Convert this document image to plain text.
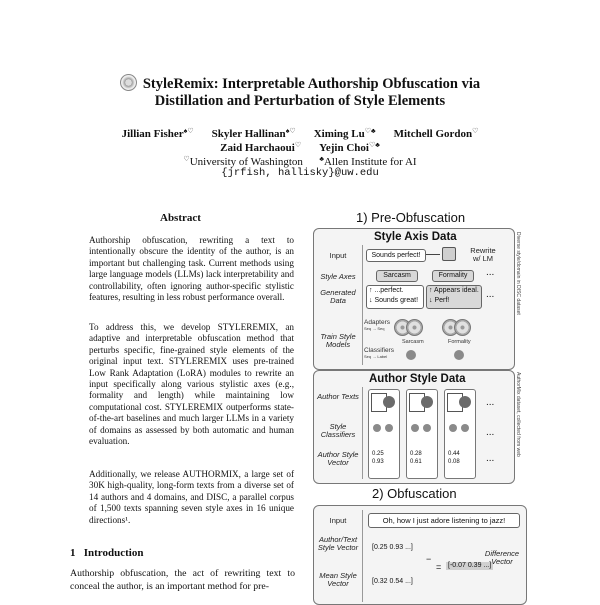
StyleRemix: Interpretable Authorship Obfuscation via
Distillation and Perturbation of Style Elements
Jillian Fisher♠♡ Skyler Hallinan♠♡ Ximing Lu♡♣ Mitchell Gordon♡
Zaid Harchaoui♡ Yejin Choi♡♣
♡University of Washington ♣Allen Institute for AI
{jrfish, hallisky}@uw.edu
Abstract
Authorship obfuscation, rewriting a text to intentionally obscure the identity of the author, is an important but challenging task. Current methods using large language models (LLMs) lack interpretability and controllability, often ignoring author-specific stylistic features, resulting in less robust performance overall.
To address this, we develop STYLEREMIX, an adaptive and interpretable obfuscation method that perturbs specific, fine-grained style elements of the original input text. STYLEREMIX uses pre-trained Low Rank Adaptation (LoRA) modules to rewrite an input specifically along various stylistic axes (e.g., formality and length) while maintaining low computational cost. STYLEREMIX outperforms state-of-the-art baselines and much larger LLMs in a variety of domains as assessed by both automatic and human evaluation.
Additionally, we release AUTHORMIX, a large set of 30K high-quality, long-form texts from a diverse set of 14 authors and 4 domains, and DISC, a parallel corpus of 1,500 texts spanning seven style axes in 16 unique directions¹.
1 Introduction
Authorship obfuscation, the act of rewriting text to conceal the author, is an important method for pre-
1) Pre-Obfuscation
Style Axis Data
Input	Sounds perfect!
Rewrite w/ LM
Style Axes	Sarcasm	Formality	...
Generated Data
↑ ...perfect.
↓ Sounds great!
↑ Appears ideal.
↓ Perf!
...
Train Style Models
Adapters
Seq → Seq
Sarcasm	Formality
Classifiers
Seq → Label
Diverse style/domain in DISC dataset
Author Style Data
Author Texts
Style Classifiers
Author Style Vector
0.25
0.93
0.28
0.61
0.44
0.08
...
...
...
AuthorMix dataset, collected from web
2) Obfuscation
Input	Oh, how I just adore listening to jazz!
Author/Text Style Vector [0.25 0.93 ...]
−
= [-0.07 0.39 ...]
Difference Vector
Mean Style Vector	[0.32 0.54 ...]
